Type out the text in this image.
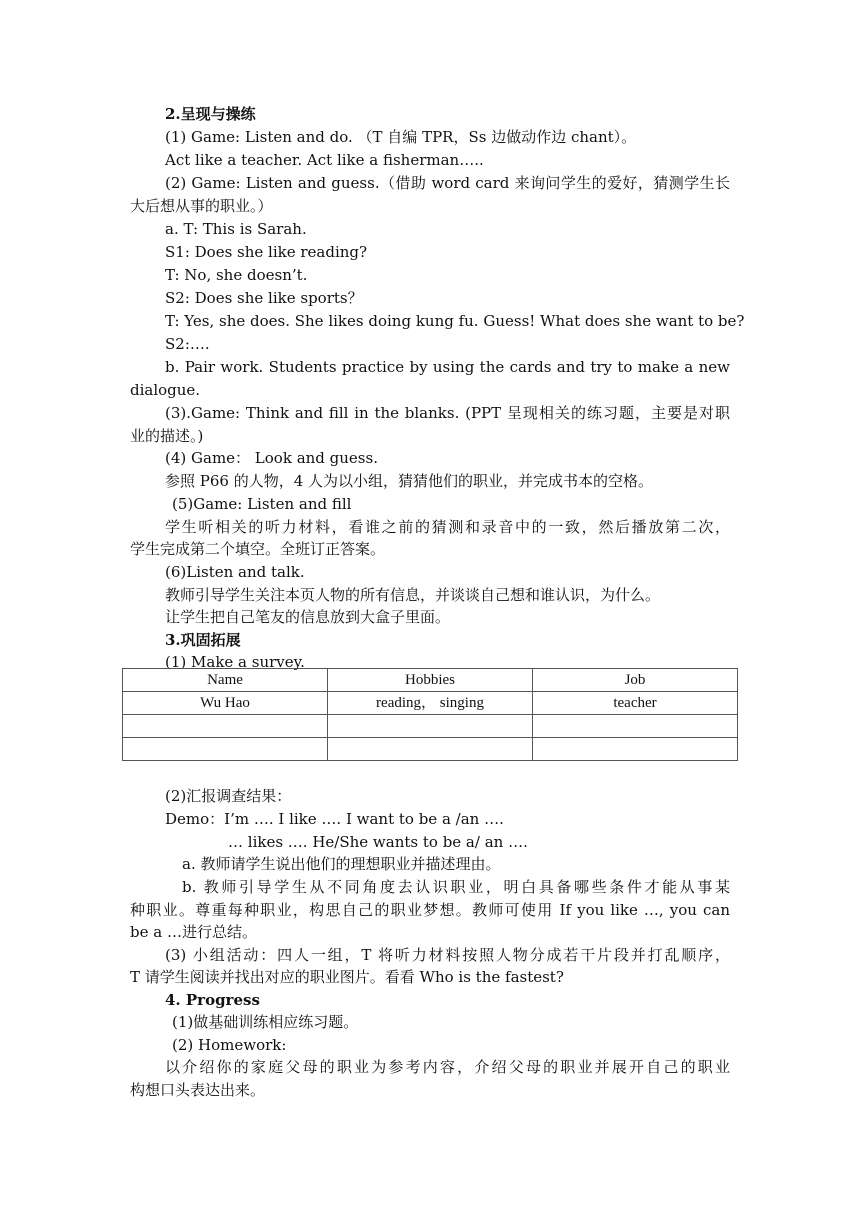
2.呈现与操练
(1) Game: Listen and do. （T 自编 TPR，Ss 边做动作边 chant）。
Act like a teacher. Act like a fisherman…..
(2) Game: Listen and guess.（借助 word card 来询问学生的爱好，猜测学生长
大后想从事的职业。）
a. T: This is Sarah.
S1: Does she like reading?
T: No, she doesn’t.
S2: Does she like sports？
T: Yes, she does. She likes doing kung fu. Guess! What does she want to be?
S2:….
b. Pair work. Students practice by using the cards and try to make a new
dialogue.
(3).Game: Think and fill in the blanks. (PPT 呈现相关的练习题，主要是对职
业的描述。)
(4) Game： Look and guess.
参照 P66 的人物，4 人为以小组，猜猜他们的职业，并完成书本的空格。
(5)Game: Listen and fill
学生听相关的听力材料，看谁之前的猜测和录音中的一致，然后播放第二次，
学生完成第二个填空。全班订正答案。
(6)Listen and talk.
教师引导学生关注本页人物的所有信息，并谈谈自己想和谁认识，为什么。
让学生把自己笔友的信息放到大盒子里面。
3.巩固拓展
(1) Make a survey.
Name	Hobbies	Job
Wu Hao	reading， singing	teacher

(2)汇报调查结果：
Demo：I’m …. I like …. I want to be a /an ….
… likes …. He/She wants to be a/ an ….
a. 教师请学生说出他们的理想职业并描述理由。
b. 教师引导学生从不同角度去认识职业，明白具备哪些条件才能从事某
种职业。尊重每种职业，构思自己的职业梦想。教师可使用 If you like …, you can
be a …进行总结。
(3) 小组活动：四人一组，T 将听力材料按照人物分成若干片段并打乱顺序，
T 请学生阅读并找出对应的职业图片。看看 Who is the fastest?
4. Progress
(1)做基础训练相应练习题。
(2) Homework:
以介绍你的家庭父母的职业为参考内容，介绍父母的职业并展开自己的职业
构想口头表达出来。
